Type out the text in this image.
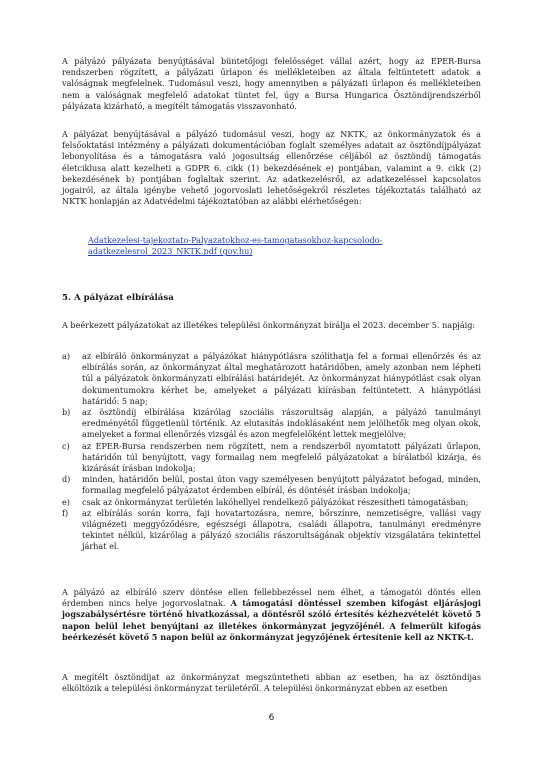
A pályázó pályázata benyújtásával büntetőjogi felelősséget vállal azért, hogy az EPER-Bursa rendszerben rögzített, a pályázati űrlapon és mellékleteiben az általa feltüntetett adatok a valóságnak megfelelnek. Tudomásul veszi, hogy amennyiben a pályázati űrlapon és mellékleteiben nem a valóságnak megfelelő adatokat tüntet fel, úgy a Bursa Hungarica Ösztöndíjrendszerből pályázata kizárható, a megítélt támogatás visszavonható.

A pályázat benyújtásával a pályázó tudomásul veszi, hogy az NKTK, az önkormányzatok és a felsőoktatási intézmény a pályázati dokumentációban foglalt személyes adatait az ösztöndíjpályázat lebonyolítása és a támogatásra való jogosultság ellenőrzése céljából az ösztöndíj támogatás életciklusa alatt kezelheti a GDPR 6. cikk (1) bekezdésének e) pontjában, valamint a 9. cikk (2) bekezdésének b) pontjában foglaltak szerint. Az adatkezelésről, az adatkezeléssel kapcsolatos jogairól, az általa igénybe vehető jogorvoslati lehetőségekről részletes tájékoztatás található az NKTK honlapján az Adatvédelmi tájékoztatóban az alábbi elérhetőségen:

Adatkezelesi-tajekoztato-Palyazatokhoz-es-tamogatasokhoz-kapcsolodo-adatkezelesrol_2023_NKTK.pdf (gov.hu)

5. A pályázat elbírálása

A beérkezett pályázatokat az illetékes települési önkormányzat bírálja el 2023. december 5. napjáig:

a)	az elbíráló önkormányzat a pályázókat hiánypótlásra szólíthatja fel a formai ellenőrzés és az elbírálás során, az önkormányzat által meghatározott határidőben, amely azonban nem lépheti túl a pályázatok önkormányzati elbírálási határidejét. Az önkormányzat hiánypótlást csak olyan dokumentumokra kérhet be, amelyeket a pályázati kiírásban feltüntetett. A hiánypótlási határidő: 5 nap;
b)	az ösztöndíj elbírálása kizárólag szociális rászorultság alapján, a pályázó tanulmányi eredményétől függetlenül történik. Az elutasítás indoklásaként nem jelölhetők meg olyan okok, amelyeket a formai ellenőrzés vizsgál és azon megfelelőként lettek megjelölve;
c)	az EPER-Bursa rendszerben nem rögzített, nem a rendszerből nyomtatott pályázati űrlapon, határidőn túl benyújtott, vagy formailag nem megfelelő pályázatokat a bírálatból kizárja, és kizárását írásban indokolja;
d)	minden, határidőn belül, postai úton vagy személyesen benyújtott pályázatot befogad, minden, formailag megfelelő pályázatot érdemben elbírál, és döntését írásban indokolja;
e)	csak az önkormányzat területén lakóhellyel rendelkező pályázókat részesítheti támogatásban;
f)	az elbírálás során korra, faji hovatartozásra, nemre, bőrszínre, nemzetiségre, vallási vagy világnézeti meggyőződésre, egészségi állapotra, családi állapotra, tanulmányi eredményre tekintet nélkül, kizárólag a pályázó szociális rászorultságának objektív vizsgálatára tekintettel járhat el.

A pályázó az elbíráló szerv döntése ellen fellebbezéssel nem élhet, a támogatói döntés ellen érdemben nincs helye jogorvoslatnak. A támogatási döntéssel szemben kifogást eljárásjogi jogszabálysértésre történő hivatkozással, a döntésről szóló értesítés kézhezvételét követő 5 napon belül lehet benyújtani az illetékes önkormányzat jegyzőjénél. A felmerült kifogás beérkezését követő 5 napon belül az önkormányzat jegyzőjének értesítenie kell az NKTK-t.

A megítélt ösztöndíjat az önkormányzat megszüntetheti abban az esetben, ha az ösztöndíjas elköltözik a települési önkormányzat területéről. A települési önkormányzat ebben az esetben

6
